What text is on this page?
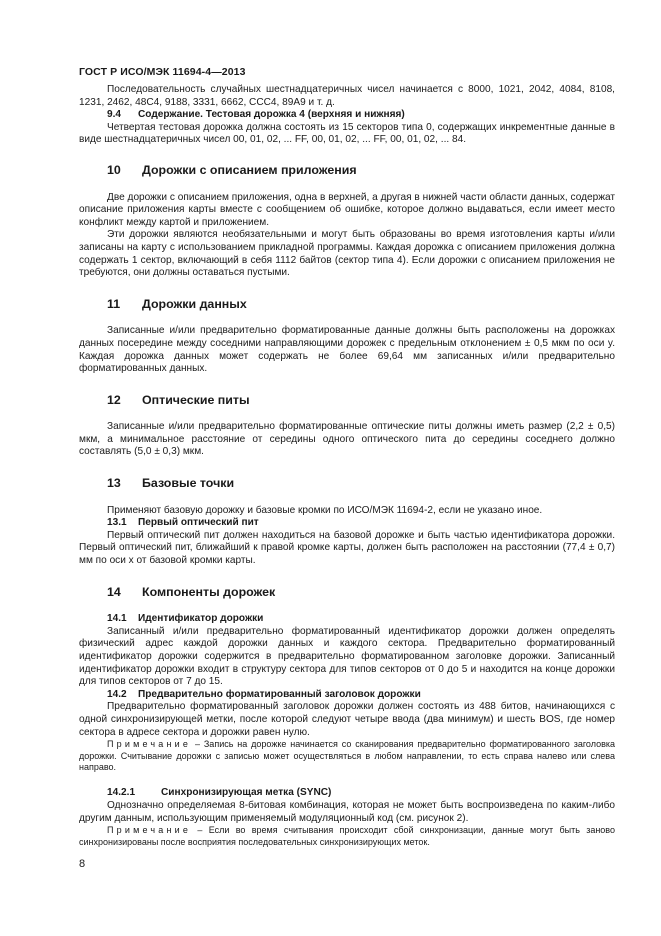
ГОСТ Р ИСО/МЭК 11694-4—2013

Последовательность случайных шестнадцатеричных чисел начинается с 8000, 1021, 2042, 4084, 8108, 1231, 2462, 48C4, 9188, 3331, 6662, CCC4, 89A9 и т. д.

9.4	Cодержание. Тестовая дорожка 4 (верхняя и нижняя)

Четвертая тестовая дорожка должна состоять из 15 секторов типа 0, содержащих инкрементные данные в виде шестнадцатеричных чисел 00, 01, 02, ... FF, 00, 01, 02, ... FF, 00, 01, 02, ... 84.

10	Дорожки с описанием приложения

Две дорожки с описанием приложения, одна в верхней, а другая в нижней части области данных, содержат описание приложения карты вместе с сообщением об ошибке, которое должно выдаваться, если имеет место конфликт между картой и приложением.

Эти дорожки являются необязательными и могут быть образованы во время изготовления карты и/или записаны на карту с использованием прикладной программы. Каждая дорожка с описанием приложения должна содержать 1 сектор, включающий в себя 1112 байтов (сектор типа 4). Если дорожки с описанием приложения не требуются, они должны оставаться пустыми.

11	Дорожки данных

Записанные и/или предварительно форматированные данные должны быть расположены на дорожках данных посередине между соседними направляющими дорожек с предельным отклонением ± 0,5 мкм по оси y. Каждая дорожка данных может содержать не более 69,64 мм записанных и/или предварительно форматированных данных.

12	Оптические питы

Записанные и/или предварительно форматированные оптические питы должны иметь размер (2,2 ± 0,5) мкм, а минимальное расстояние от середины одного оптического пита до середины соседнего должно составлять (5,0 ± 0,3) мкм.

13	Базовые точки

Применяют базовую дорожку и базовые кромки по ИСО/МЭК 11694-2, если не указано иное.

13.1	Первый оптический пит

Первый оптический пит должен находиться на базовой дорожке и быть частью идентификатора дорожки. Первый оптический пит, ближайший к правой кромке карты, должен быть расположен на расстоянии (77,4 ± 0,7) мм по оси x от базовой кромки карты.

14	Компоненты дорожек
14.1	Идентификатор дорожки

Записанный и/или предварительно форматированный идентификатор дорожки должен определять физический адрес каждой дорожки данных и каждого сектора. Предварительно форматированный идентификатор дорожки содержится в предварительно форматированном заголовке дорожки. Записанный идентификатор дорожки входит в структуру сектора для типов секторов от 0 до 5 и находится на конце дорожки для типов секторов от 7 до 15.

14.2	Предварительно форматированный заголовок дорожки

Предварительно форматированный заголовок дорожки должен состоять из 488 битов, начинающихся с одной синхронизирующей метки, после которой следуют четыре ввода (два минимум) и шесть BOS, где номер сектора в адресе сектора и дорожки равен нулю.

Примечание – Запись на дорожке начинается со сканирования предварительно форматированного заголовка дорожки. Считывание дорожки с записью может осуществляться в любом направлении, то есть справа налево или слева направо.

14.2.1	Синхронизирующая метка (SYNC)

Однозначно определяемая 8-битовая комбинация, которая не может быть воспроизведена по каким-либо другим данным, использующим применяемый модуляционный код (см. рисунок 2).

Примечание – Если во время считывания происходит сбой синхронизации, данные могут быть заново синхронизированы после восприятия последовательных синхронизирующих меток.

8
